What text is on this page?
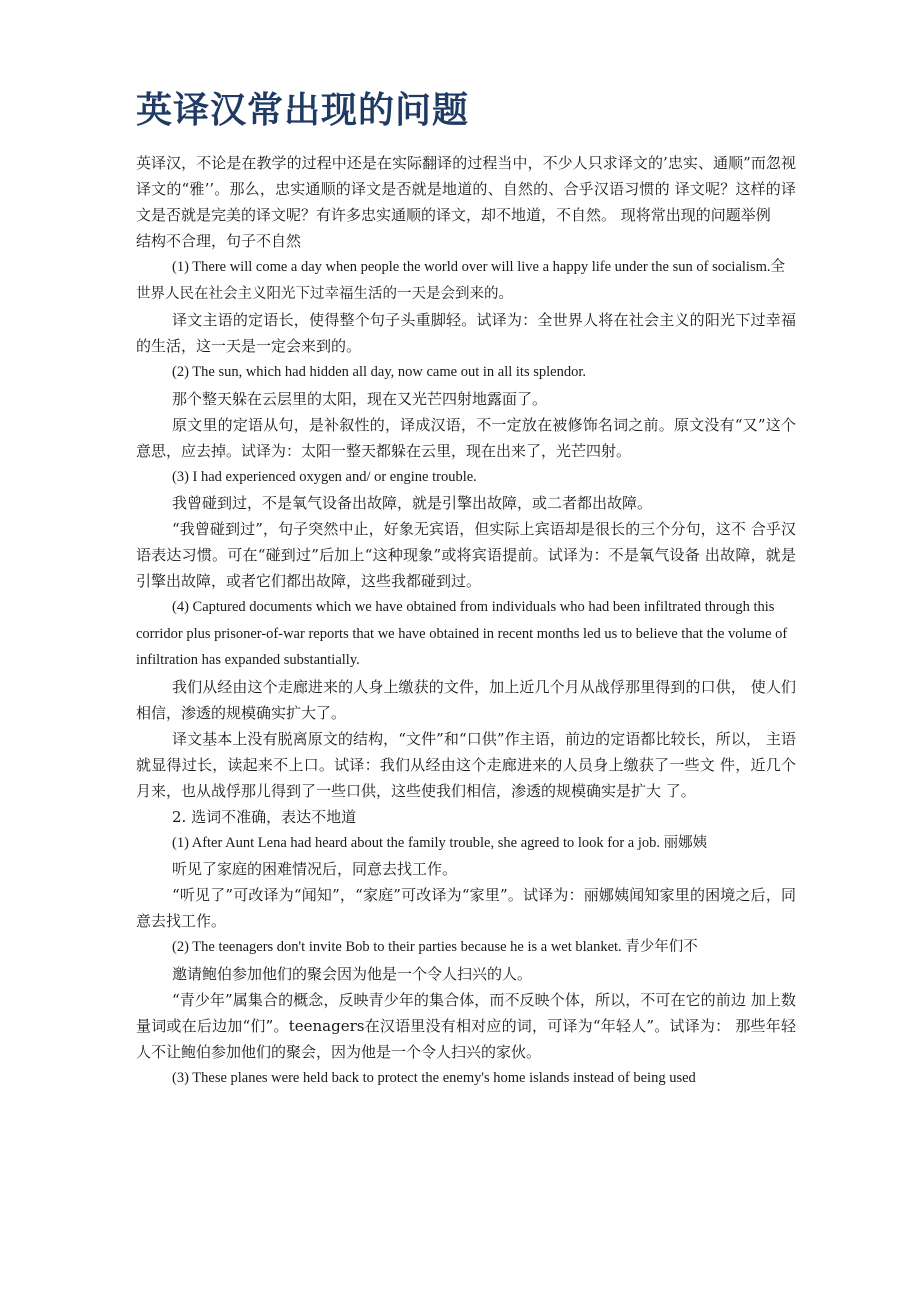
英译汉常出现的问题

英译汉，不论是在教学的过程中还是在实际翻译的过程当中，不少人只求译文的’忠实、通顺”而忽视译文的“雅’’。那么，忠实通顺的译文是否就是地道的、自然的、合乎汉语习惯的 译文呢？这样的译文是否就是完美的译文呢？有许多忠实通顺的译文，却不地道，不自然。 现将常出现的问题举例

结构不合理，句子不自然

(1) There will come a day when people the world over will live a happy life under the sun of socialism.全世界人民在社会主义阳光下过幸福生活的一天是会到来的。

译文主语的定语长，使得整个句子头重脚轻。试译为：全世界人将在社会主义的阳光下过幸福的生活，这一天是一定会来到的。

(2) The sun, which had hidden all day, now came out in all its splendor.

那个整天躲在云层里的太阳，现在又光芒四射地露面了。

原文里的定语从句，是补叙性的，译成汉语，不一定放在被修饰名词之前。原文没有“又”这个意思，应去掉。试译为：太阳一整天都躲在云里，现在出来了，光芒四射。

(3) I had experienced oxygen and/ or engine trouble.

我曾碰到过，不是氧气设备出故障，就是引擎出故障，或二者都出故障。

“我曾碰到过”，句子突然中止，好象无宾语，但实际上宾语却是很长的三个分句，这不 合乎汉语表达习惯。可在“碰到过”后加上“这种现象”或将宾语提前。试译为：不是氧气设备 出故障，就是引擎出故障，或者它们都出故障，这些我都碰到过。

(4) Captured documents which we have obtained from individuals who had been infiltrated through this corridor plus prisoner-of-war reports that we have obtained in recent months led us to believe that the volume of infiltration has expanded substantially.

我们从经由这个走廊进来的人身上缴获的文件，加上近几个月从战俘那里得到的口供， 使人们相信，渗透的规模确实扩大了。

译文基本上没有脱离原文的结构，“文件”和“口供”作主语，前边的定语都比较长，所以， 主语就显得过长，读起来不上口。试译：我们从经由这个走廊进来的人员身上缴获了一些文 件，近几个月来，也从战俘那儿得到了一些口供，这些使我们相信，渗透的规模确实是扩大 了。

2. 选词不准确，表达不地道

(1) After Aunt Lena had heard about the family trouble, she agreed to look for a job. 丽娜姨

听见了家庭的困难情况后，同意去找工作。

“听见了”可改译为“闻知”，“家庭”可改译为“家里”。试译为：丽娜姨闻知家里的困境之后，同意去找工作。

(2) The teenagers don't invite Bob to their parties because he is a wet blanket. 青少年们不

邀请鲍伯参加他们的聚会因为他是一个令人扫兴的人。

“青少年”属集合的概念，反映青少年的集合体，而不反映个体，所以，不可在它的前边 加上数量词或在后边加“们”。teenagers在汉语里没有相对应的词，可译为“年轻人”。试译为： 那些年轻人不让鲍伯参加他们的聚会，因为他是一个令人扫兴的家伙。

(3) These planes were held back to protect the enemy's home islands instead of being used
